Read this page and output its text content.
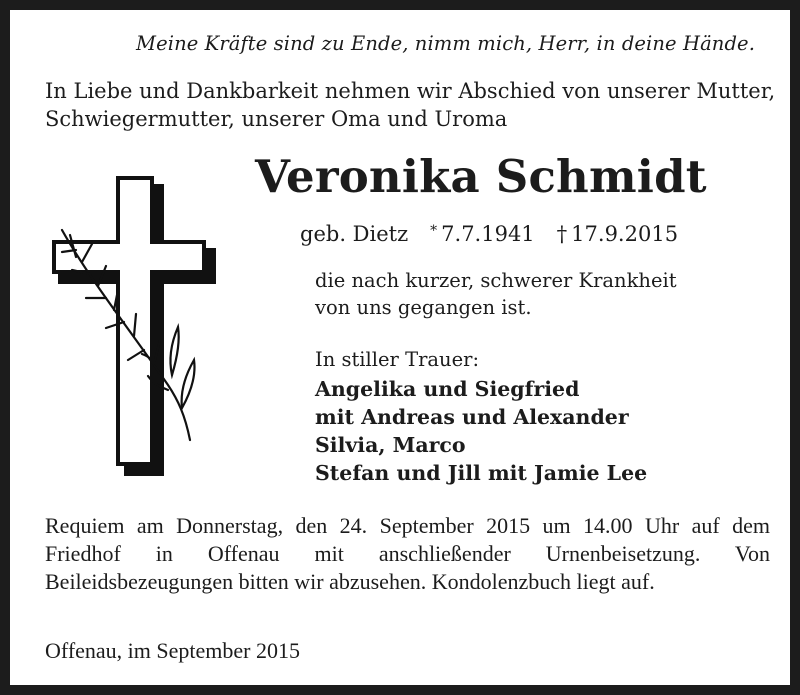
Meine Kräfte sind zu Ende, nimm mich, Herr, in deine Hände.
In Liebe und Dankbarkeit nehmen wir Abschied von unserer Mutter,
Schwiegermutter, unserer Oma und Uroma
Veronika Schmidt
geb. Dietz * 7.7.1941 † 17.9.2015
die nach kurzer, schwerer Krankheit
von uns gegangen ist.
In stiller Trauer:
Angelika und Siegfried
mit Andreas und Alexander
Silvia, Marco
Stefan und Jill mit Jamie Lee
Requiem am Donnerstag, den 24. September 2015 um 14.00 Uhr auf dem Friedhof in Offenau mit anschließender Urnenbeisetzung. Von Beileidsbezeugungen bitten wir abzusehen. Kondolenzbuch liegt auf.
Offenau, im September 2015
